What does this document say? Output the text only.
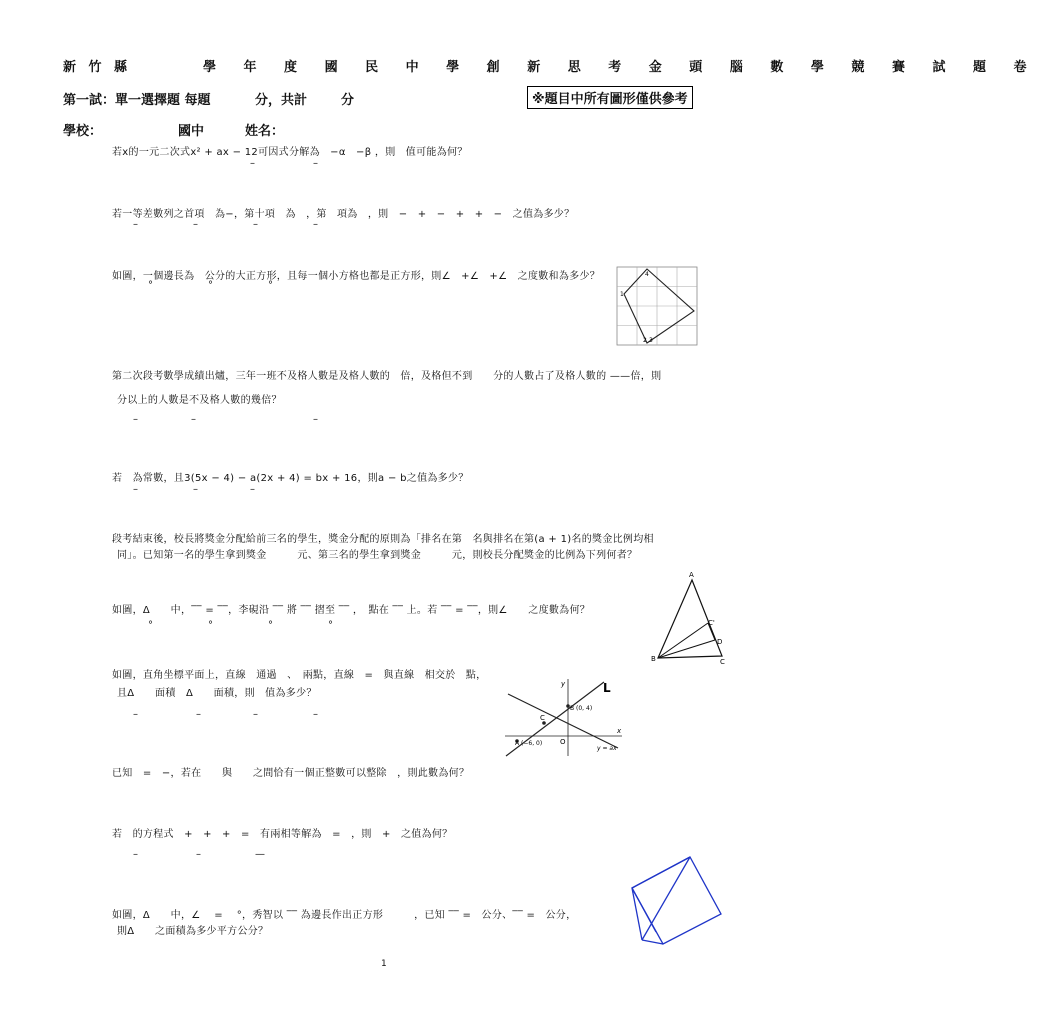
新 竹 縣	學 年 度 國 民 中 學 創 新 思 考 金 頭 腦 數 學 競 賽 試 題 卷
第一試：單一選擇題 每題	分，共計	分	※題目中所有圖形僅供參考
學校：	國中	姓名：
若x的一元二次式x² + ax − 12可因式分解為　−α　−β ，則　值可能為何？
–	–
若一等差數列之首項　為−，第十項　為　，第　項為　，則　−　+　−　+　+　−　之值為多少？
–	–	–	–
如圖，一個邊長為　公分的大正方形，且每一個小方格也都是正方形，則∠　+∠　+∠　之度數和為多少？
°	°	°
4
1
2 3
第二次段考數學成績出爐，三年一班不及格人數是及格人數的　倍，及格但不到　　分的人數占了及格人數的 ——倍，則
分以上的人數是不及格人數的幾倍？
–	–	–
若　為常數，且3(5x − 4) − a(2x + 4) = bx + 16，則a − b之值為多少？
–	–	–
段考結束後，校長將獎金分配給前三名的學生，獎金分配的原則為「排名在第　名與排名在第(a + 1)名的獎金比例均相
同」。已知第一名的學生拿到獎金　　　元、第三名的學生拿到獎金　　　元，則校長分配獎金的比例為下列何者？
如圖，Δ　　中，‾‾ = ‾‾，李硯沿 ‾‾ 將 ‾‾ 摺至 ‾‾ ，　點在 ‾‾ 上。若 ‾‾ = ‾‾，則∠　　之度數為何？
°	°	°	°
A
B	C
C'
D
如圖，直角坐標平面上，直線　通過　、　兩點，直線　=　與直線　相交於　點，
且Δ　　面積　Δ　　面積，則　值為多少？
–	–	–	–
y
x
O
B (0, 4)
C
A (−6, 0)
y = ax
L
已知　=　−，若在　　與　　之間恰有一個正整數可以整除　，則此數為何？
若　的方程式　+　+　+　=　有兩相等解為　=　，則　+　之值為何？
–	–	—
如圖，Δ　　中，∠　 = 　°，秀智以 ‾‾ 為邊長作出正方形　　　，已知 ‾‾ =　公分、‾‾ =　公分，
則Δ　　之面積為多少平方公分？
1
